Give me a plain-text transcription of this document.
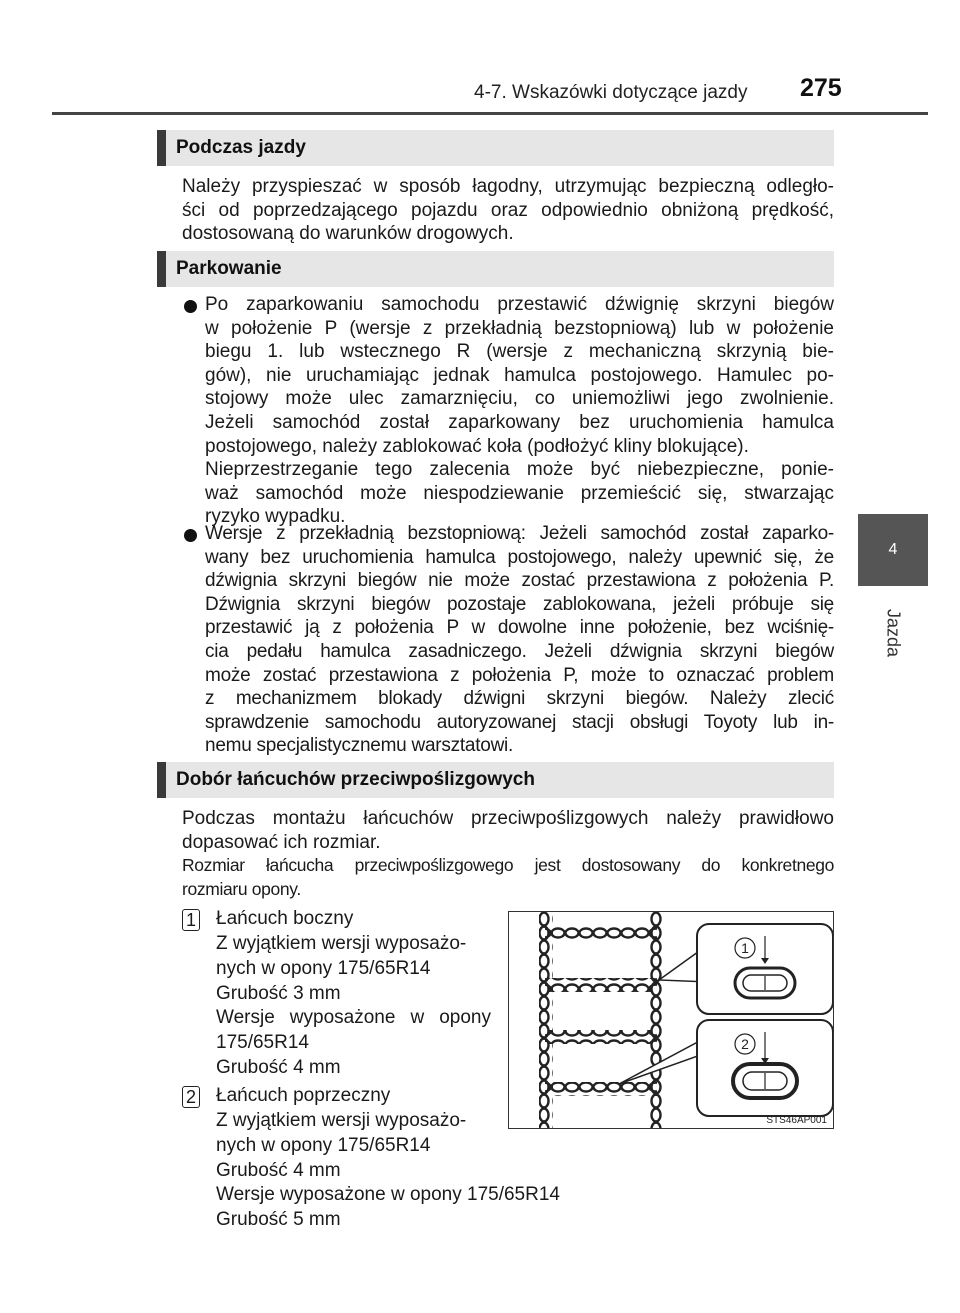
4-7. Wskazówki dotyczące jazdy 275
4
Jazda
Podczas jazdy
Należy przyspieszać w sposób łagodny, utrzymując bezpieczną odległo-
ści od poprzedzającego pojazdu oraz odpowiednio obniżoną prędkość,
dostosowaną do warunków drogowych.
Parkowanie
Po zaparkowaniu samochodu przestawić dźwignię skrzyni biegów
w położenie P (wersje z przekładnią bezstopniową) lub w położenie
biegu 1. lub wstecznego R (wersje z mechaniczną skrzynią bie-
gów), nie uruchamiając jednak hamulca postojowego. Hamulec po-
stojowy może ulec zamarznięciu, co uniemożliwi jego zwolnienie.
Jeżeli samochód został zaparkowany bez uruchomienia hamulca
postojowego, należy zablokować koła (podłożyć kliny blokujące).
Nieprzestrzeganie tego zalecenia może być niebezpieczne, ponie-
waż samochód może niespodziewanie przemieścić się, stwarzając
ryzyko wypadku.
Wersje z przekładnią bezstopniową: Jeżeli samochód został zaparko-
wany bez uruchomienia hamulca postojowego, należy upewnić się, że
dźwignia skrzyni biegów nie może zostać przestawiona z położenia P.
Dźwignia skrzyni biegów pozostaje zablokowana, jeżeli próbuje się
przestawić ją z położenia P w dowolne inne położenie, bez wciśnię-
cia pedału hamulca zasadniczego. Jeżeli dźwignia skrzyni biegów
może zostać przestawiona z położenia P, może to oznaczać problem
z mechanizmem blokady dźwigni skrzyni biegów. Należy zlecić
sprawdzenie samochodu autoryzowanej stacji obsługi Toyoty lub in-
nemu specjalistycznemu warsztatowi.
Dobór łańcuchów przeciwpoślizgowych
Podczas montażu łańcuchów przeciwpoślizgowych należy prawidłowo
dopasować ich rozmiar.
Rozmiar łańcucha przeciwpoślizgowego jest dostosowany do konkretnego
rozmiaru opony.
1 Łańcuch boczny
Z wyjątkiem wersji wyposażo-
nych w opony 175/65R14
Grubość 3 mm
Wersje wyposażone w opony
175/65R14
Grubość 4 mm
2 Łańcuch poprzeczny
Z wyjątkiem wersji wyposażo-
nych w opony 175/65R14
Grubość 4 mm
Wersje wyposażone w opony 175/65R14
Grubość 5 mm
1
2
STS46AP001
